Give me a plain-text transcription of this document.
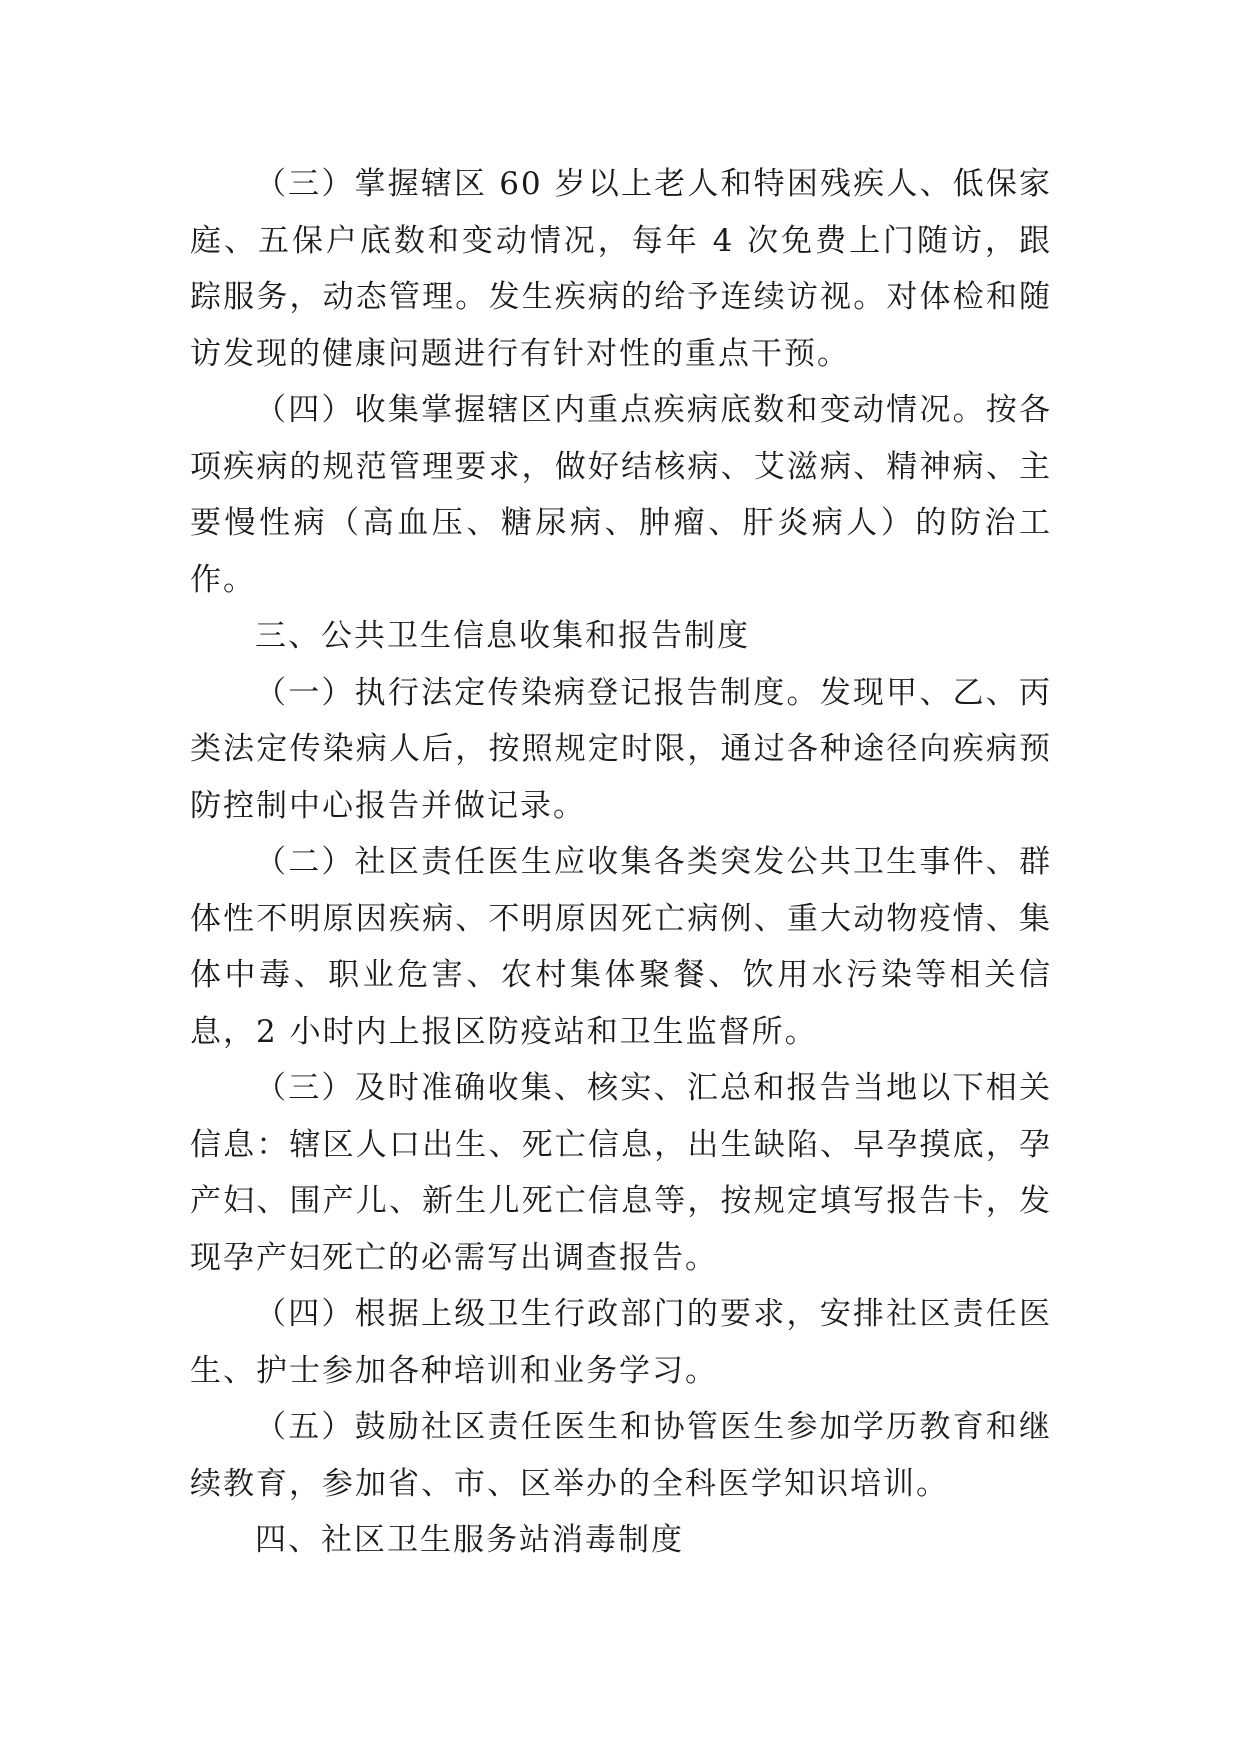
（三）掌握辖区 60 岁以上老人和特困残疾人、低保家庭、五保户底数和变动情况，每年 4 次免费上门随访，跟踪服务，动态管理。发生疾病的给予连续访视。对体检和随访发现的健康问题进行有针对性的重点干预。

（四）收集掌握辖区内重点疾病底数和变动情况。按各项疾病的规范管理要求，做好结核病、艾滋病、精神病、主要慢性病（高血压、糖尿病、肿瘤、肝炎病人）的防治工作。

三、公共卫生信息收集和报告制度

（一）执行法定传染病登记报告制度。发现甲、乙、丙类法定传染病人后，按照规定时限，通过各种途径向疾病预防控制中心报告并做记录。

（二）社区责任医生应收集各类突发公共卫生事件、群体性不明原因疾病、不明原因死亡病例、重大动物疫情、集体中毒、职业危害、农村集体聚餐、饮用水污染等相关信息，2 小时内上报区防疫站和卫生监督所。

（三）及时准确收集、核实、汇总和报告当地以下相关信息：辖区人口出生、死亡信息，出生缺陷、早孕摸底，孕产妇、围产儿、新生儿死亡信息等，按规定填写报告卡，发现孕产妇死亡的必需写出调查报告。

（四）根据上级卫生行政部门的要求，安排社区责任医生、护士参加各种培训和业务学习。

（五）鼓励社区责任医生和协管医生参加学历教育和继续教育，参加省、市、区举办的全科医学知识培训。

四、社区卫生服务站消毒制度
